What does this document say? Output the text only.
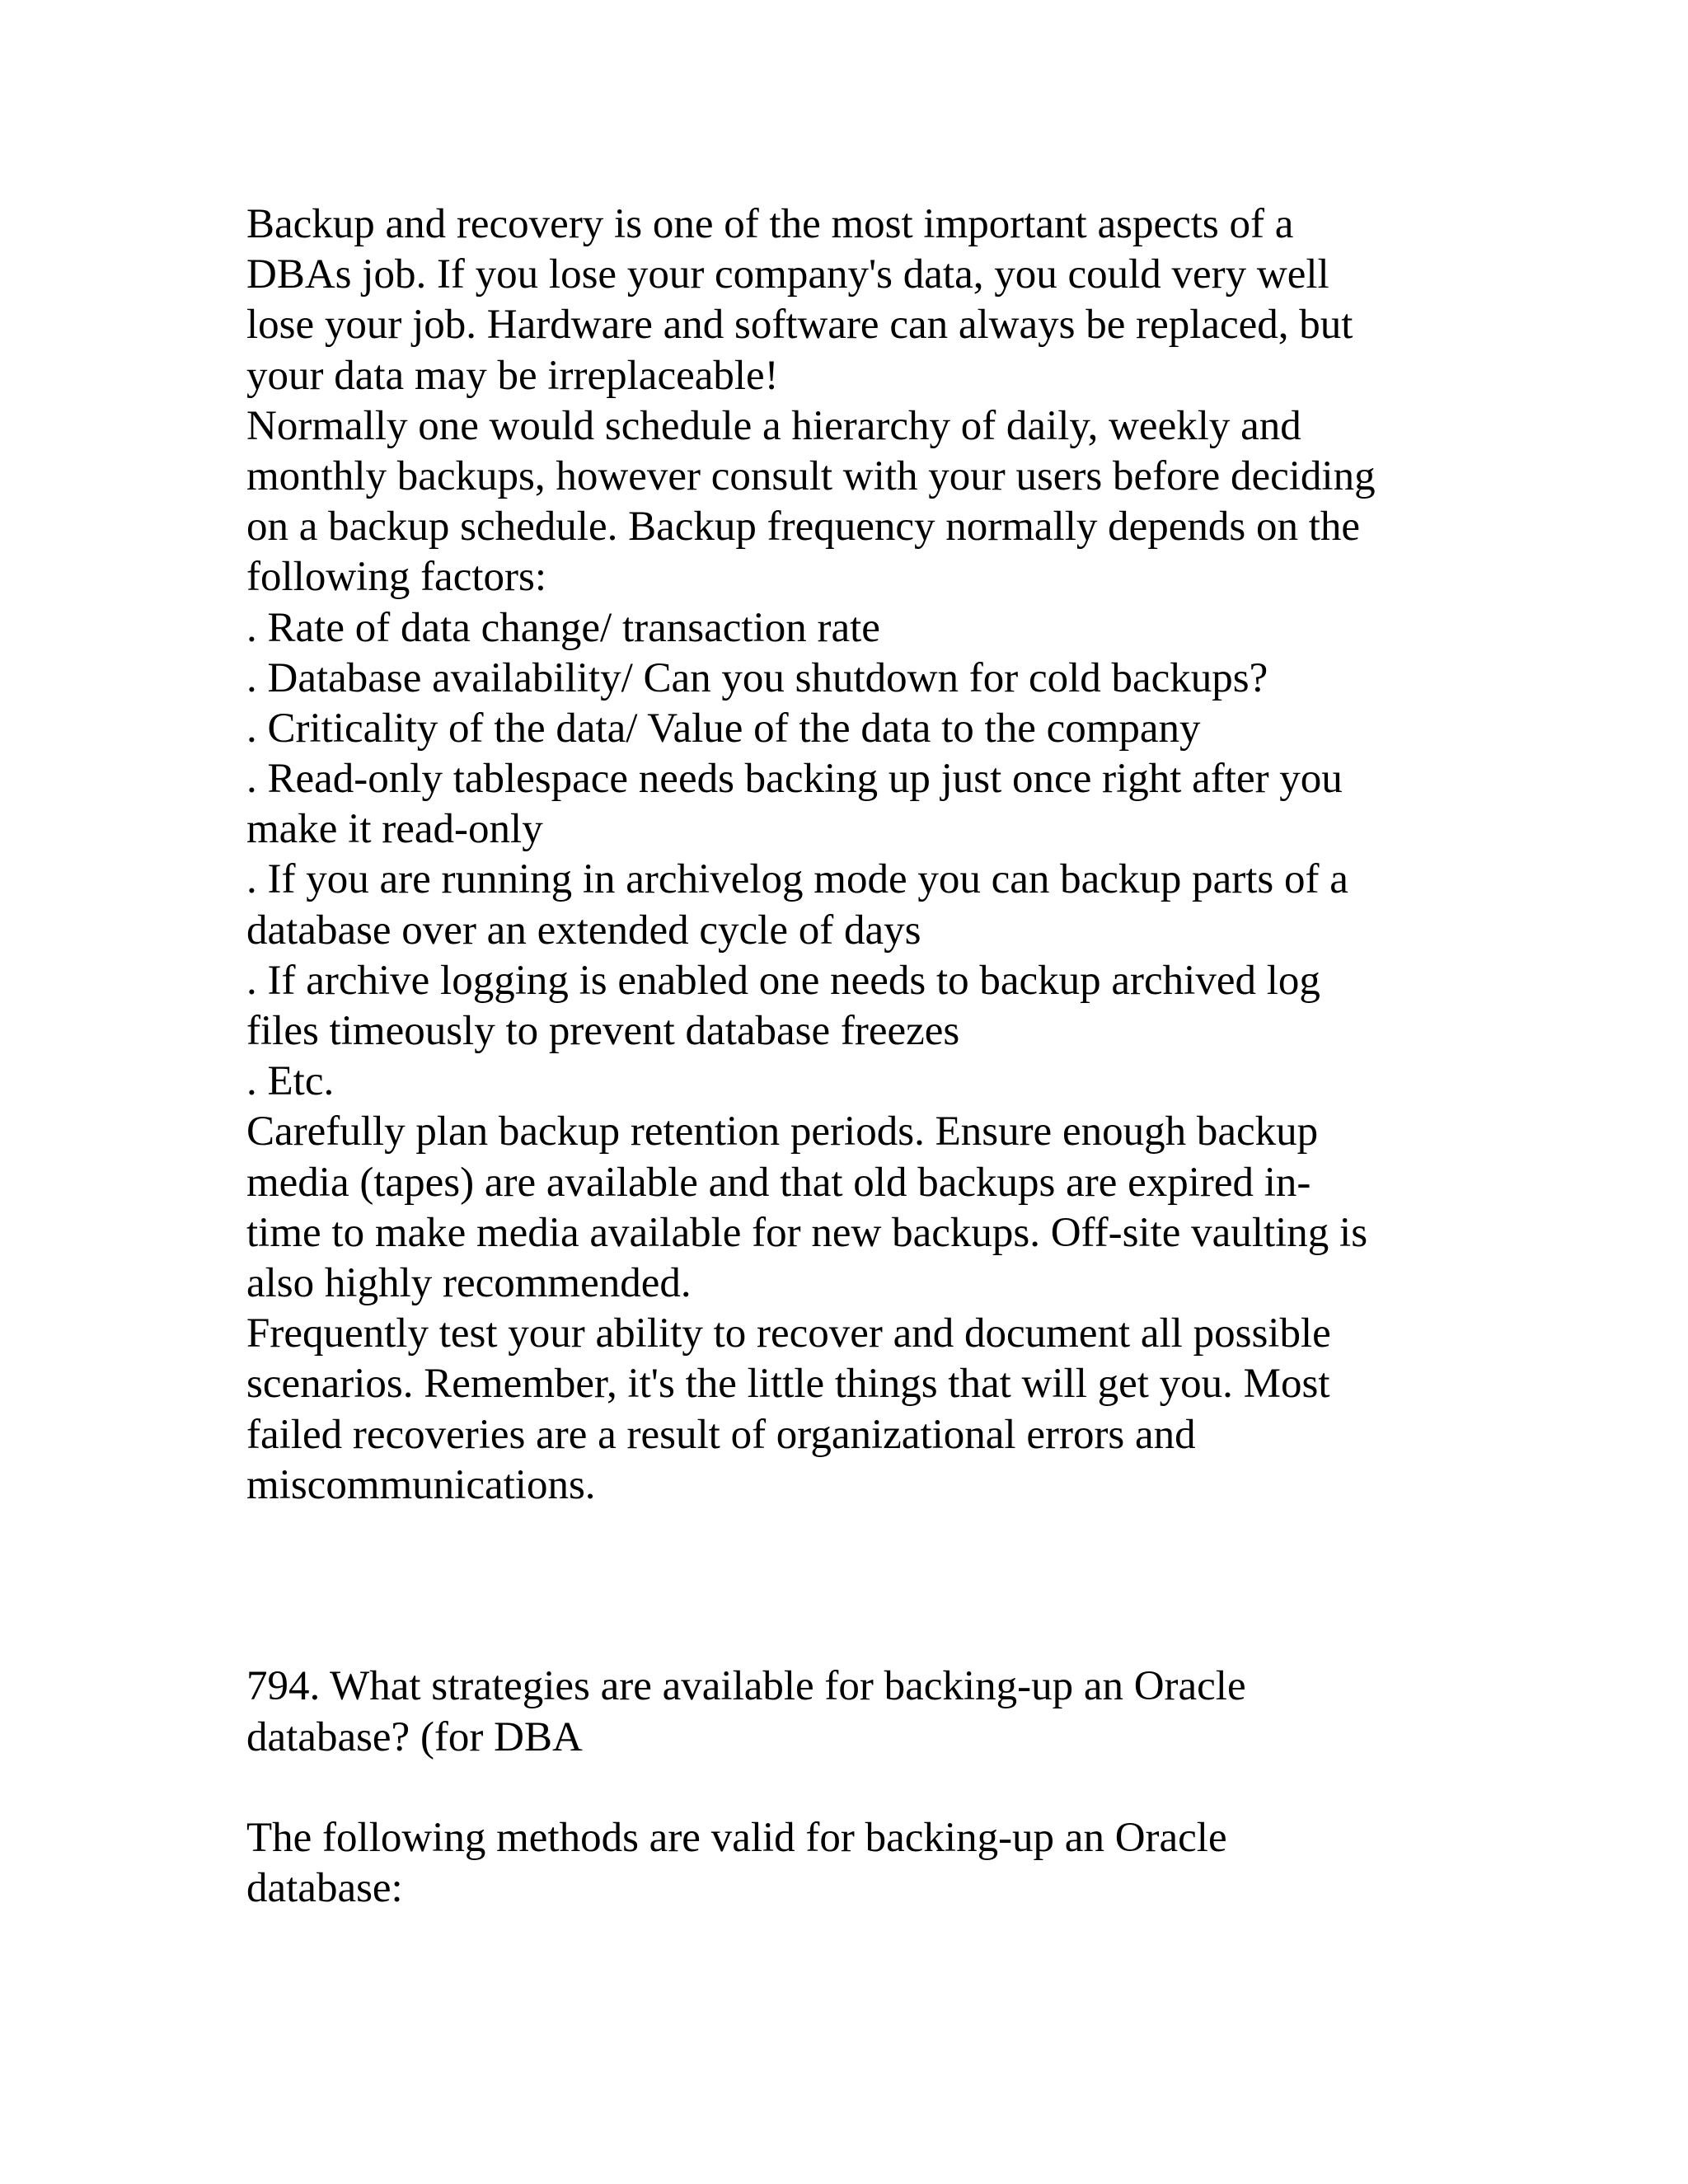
Backup and recovery is one of the most important aspects of a
DBAs job. If you lose your company's data, you could very well
lose your job. Hardware and software can always be replaced, but
your data may be irreplaceable!
Normally one would schedule a hierarchy of daily, weekly and
monthly backups, however consult with your users before deciding
on a backup schedule. Backup frequency normally depends on the
following factors:
. Rate of data change/ transaction rate
. Database availability/ Can you shutdown for cold backups?
. Criticality of the data/ Value of the data to the company
. Read-only tablespace needs backing up just once right after you
make it read-only
. If you are running in archivelog mode you can backup parts of a
database over an extended cycle of days
. If archive logging is enabled one needs to backup archived log
files timeously to prevent database freezes
. Etc.
Carefully plan backup retention periods. Ensure enough backup
media (tapes) are available and that old backups are expired in-
time to make media available for new backups. Off-site vaulting is
also highly recommended.
Frequently test your ability to recover and document all possible
scenarios. Remember, it's the little things that will get you. Most
failed recoveries are a result of organizational errors and
miscommunications.
794. What strategies are available for backing-up an Oracle
database? (for DBA
The following methods are valid for backing-up an Oracle
database:
